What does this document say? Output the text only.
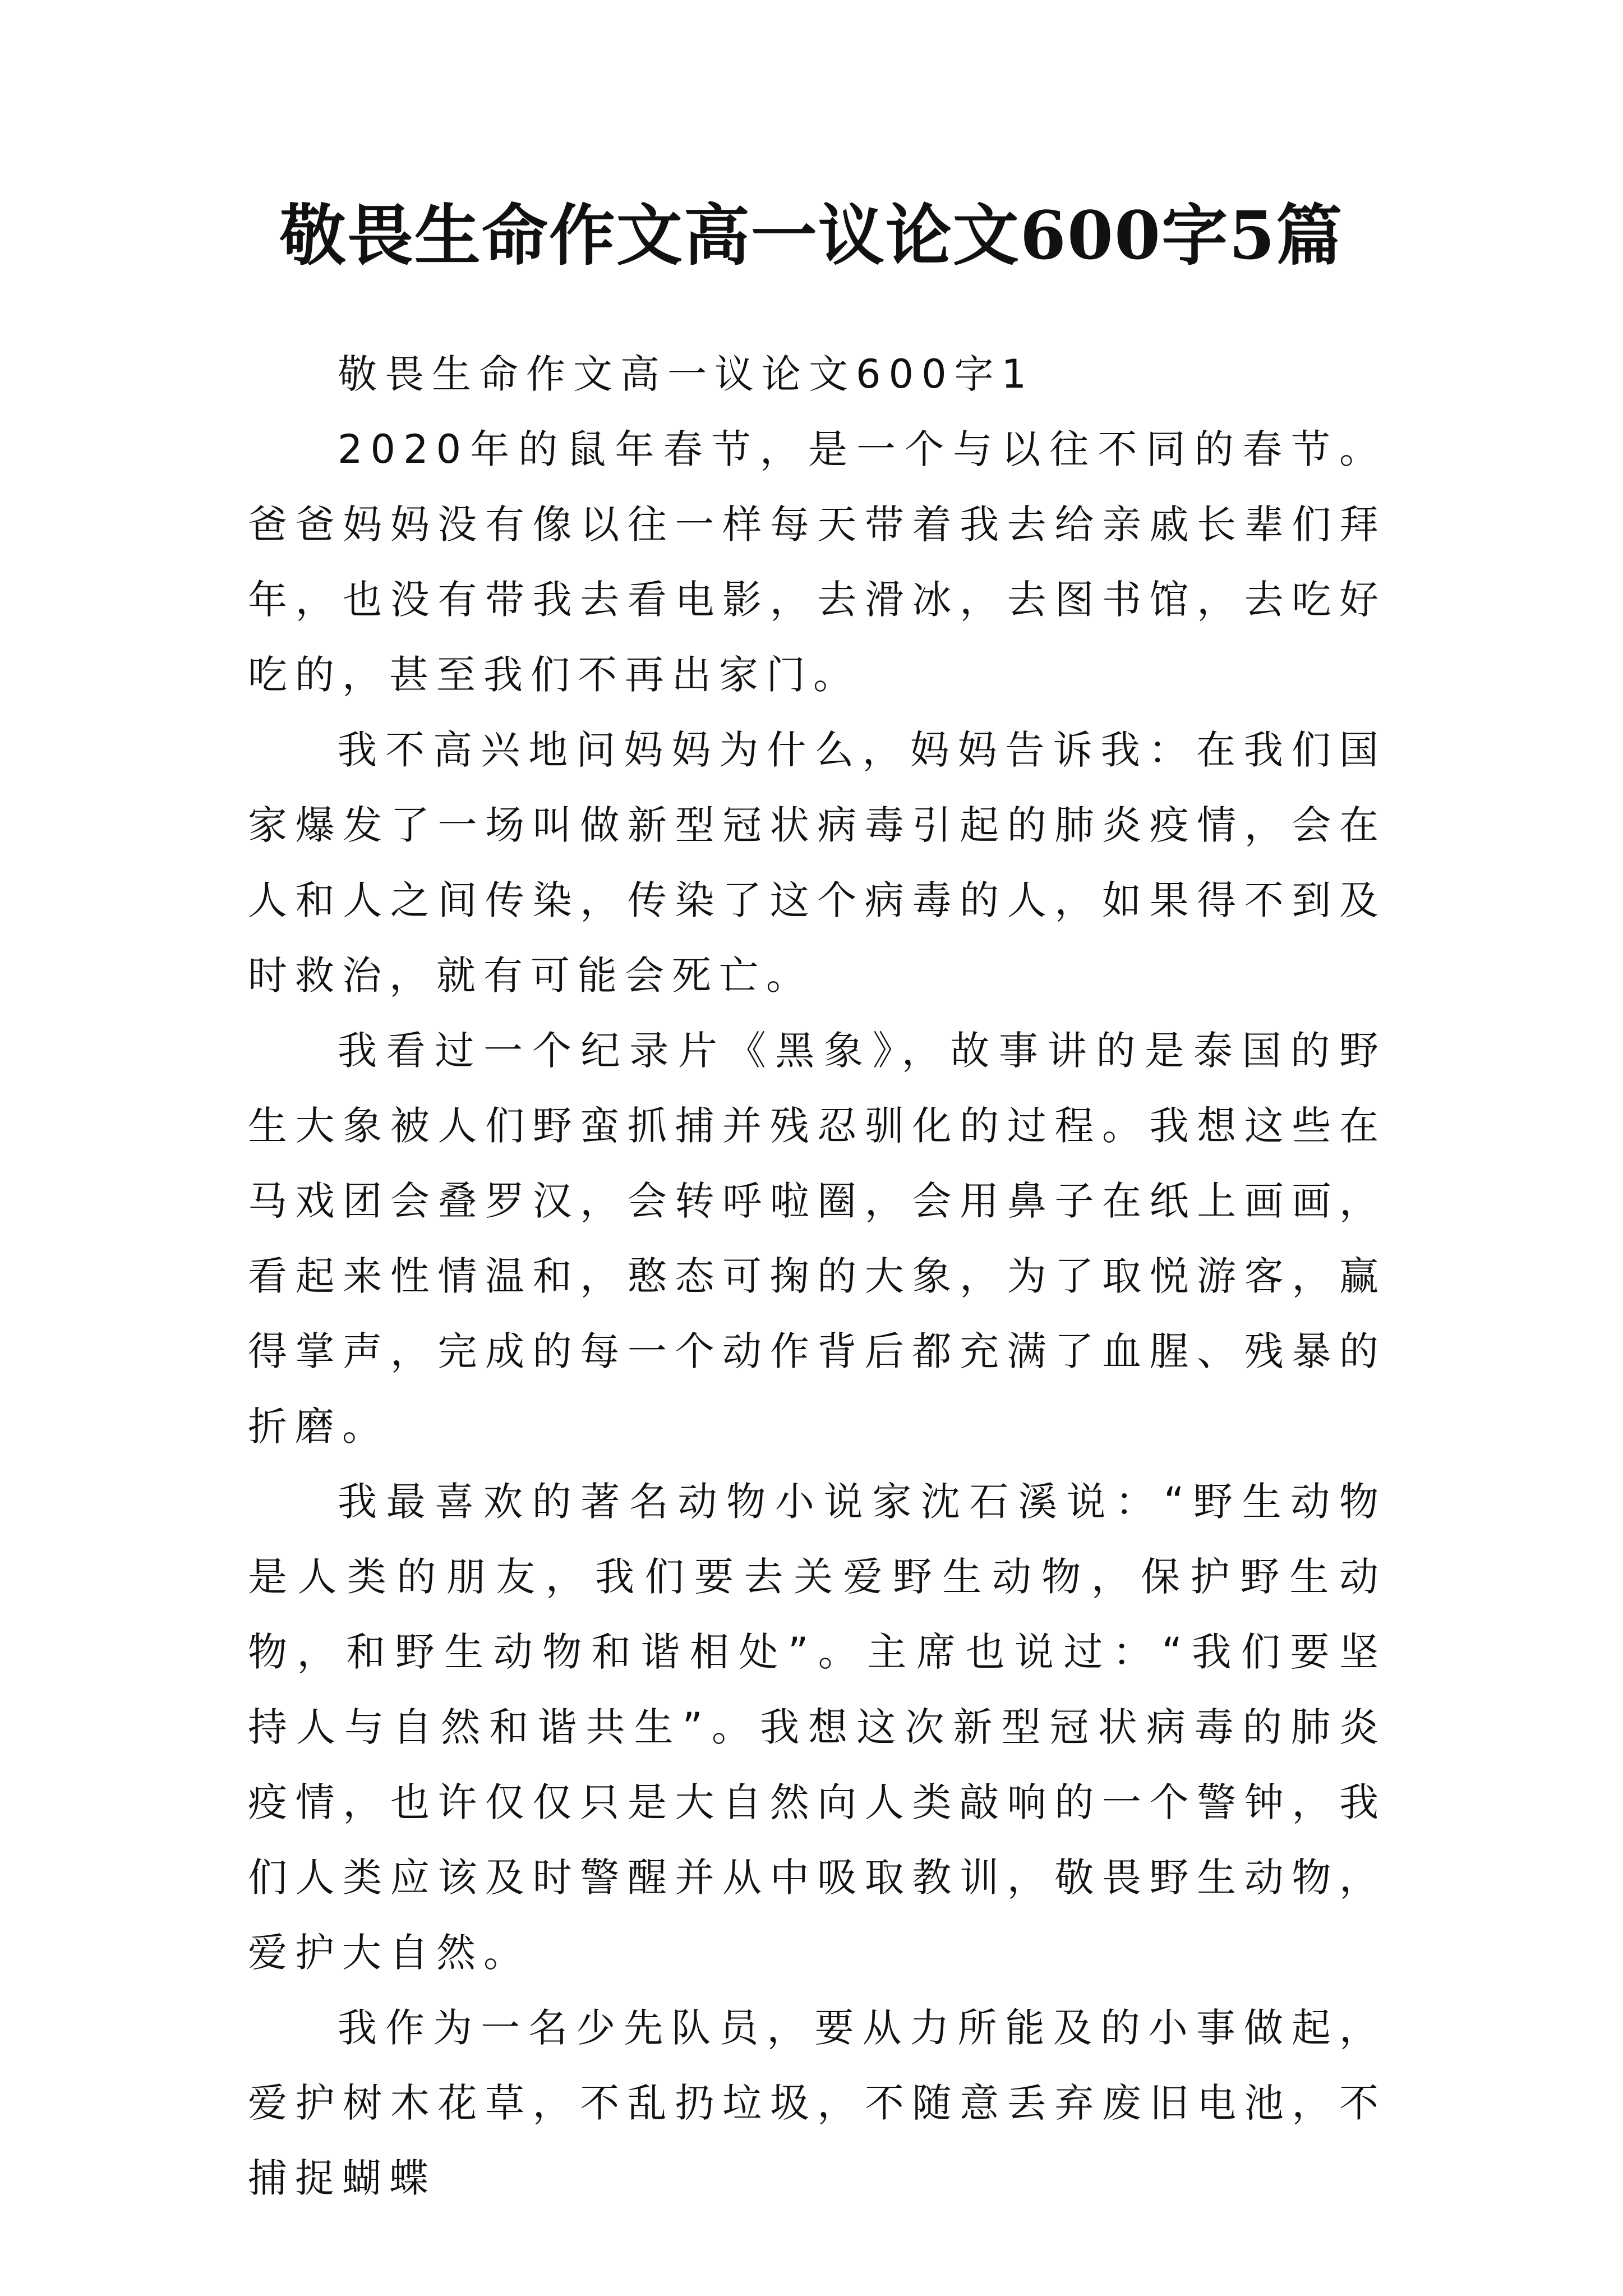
敬畏生命作文高一议论文600字5篇
敬畏生命作文高一议论文600字1

2020年的鼠年春节，是一个与以往不同的春节。爸爸妈妈没有像以往一样每天带着我去给亲戚长辈们拜年，也没有带我去看电影，去滑冰，去图书馆，去吃好吃的，甚至我们不再出家门。

我不高兴地问妈妈为什么，妈妈告诉我：在我们国家爆发了一场叫做新型冠状病毒引起的肺炎疫情，会在人和人之间传染，传染了这个病毒的人，如果得不到及时救治，就有可能会死亡。

我看过一个纪录片《黑象》，故事讲的是泰国的野生大象被人们野蛮抓捕并残忍驯化的过程。我想这些在马戏团会叠罗汉，会转呼啦圈，会用鼻子在纸上画画，看起来性情温和，憨态可掬的大象，为了取悦游客，赢得掌声，完成的每一个动作背后都充满了血腥、残暴的折磨。

我最喜欢的著名动物小说家沈石溪说：“野生动物是人类的朋友，我们要去关爱野生动物，保护野生动物，和野生动物和谐相处”。主席也说过：“我们要坚持人与自然和谐共生”。我想这次新型冠状病毒的肺炎疫情，也许仅仅只是大自然向人类敲响的一个警钟，我们人类应该及时警醒并从中吸取教训，敬畏野生动物，爱护大自然。

我作为一名少先队员，要从力所能及的小事做起，爱护树木花草，不乱扔垃圾，不随意丢弃废旧电池，不捕捉蝴蝶
